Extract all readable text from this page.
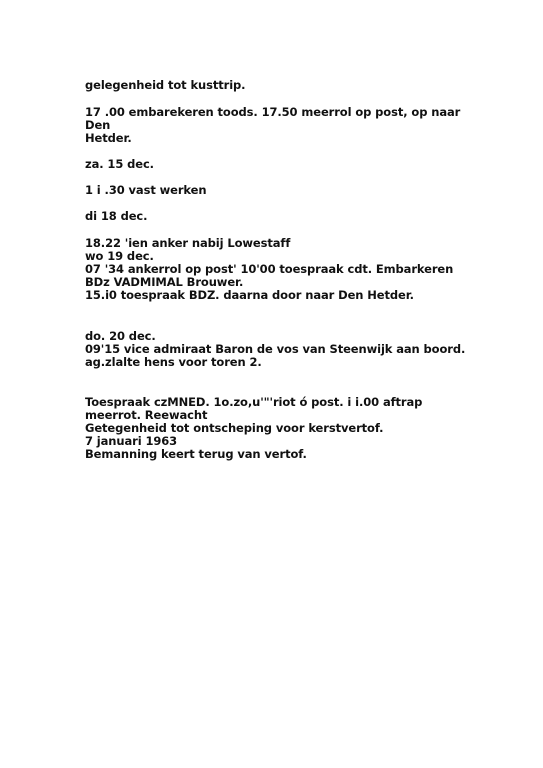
gelegenheid tot kusttrip.
17 .00 embarekeren toods. 17.50 meerrol op post, op naar
Den
Hetder.
za. 15 dec.
1 i .30 vast werken
di 18 dec.
18.22 'ien anker nabij Lowestaff
wo 19 dec.
07 '34 ankerrol op post' 10'00 toespraak cdt. Embarkeren
BDz VADMIMAL Brouwer.
15.i0 toespraak BDZ. daarna door naar Den Hetder.
do. 20 dec.
09'15 vice admiraat Baron de vos van Steenwijk aan boord.
ag.zlalte hens voor toren 2.
Toespraak czMNED. 1o.zo,u'"'riot ó post. i i.00 aftrap
meerrot. Reewacht
Getegenheid tot ontscheping voor kerstvertof.
7 januari 1963
Bemanning keert terug van vertof.
